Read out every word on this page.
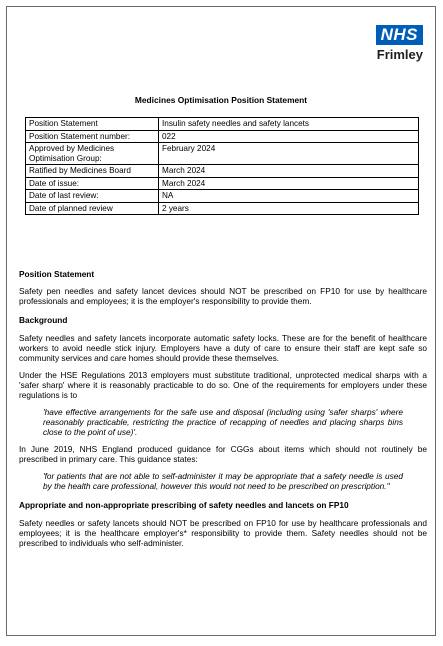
NHS
Frimley
Medicines Optimisation Position Statement
Position Statement	Insulin safety needles and safety lancets
Position Statement number:	022
Approved by Medicines Optimisation Group:	February 2024
Ratified by Medicines Board	March 2024
Date of issue:	March 2024
Date of last review:	NA
Date of planned review	2 years

Position Statement

Safety pen needles and safety lancet devices should NOT be prescribed on FP10 for use by healthcare professionals and employees; it is the employer's responsibility to provide them.

Background

Safety needles and safety lancets incorporate automatic safety locks. These are for the benefit of healthcare workers to avoid needle stick injury. Employers have a duty of care to ensure their staff are kept safe so community services and care homes should provide these themselves.

Under the HSE Regulations 2013 employers must substitute traditional, unprotected medical sharps with a 'safer sharp' where it is reasonably practicable to do so. One of the requirements for employers under these regulations is to

'have effective arrangements for the safe use and disposal (including using 'safer sharps' where reasonably practicable, restricting the practice of recapping of needles and placing sharps bins close to the point of use)'.

In June 2019, NHS England produced guidance for CGGs about items which should not routinely be prescribed in primary care. This guidance states:

'for patients that are not able to self-administer it may be appropriate that a safety needle is used by the health care professional, however this would not need to be prescribed on prescription.''

Appropriate and non-appropriate prescribing of safety needles and lancets on FP10

Safety needles or safety lancets should NOT be prescribed on FP10 for use by healthcare professionals and employees; it is the healthcare employer's* responsibility to provide them. Safety needles should not be prescribed to individuals who self-administer.
